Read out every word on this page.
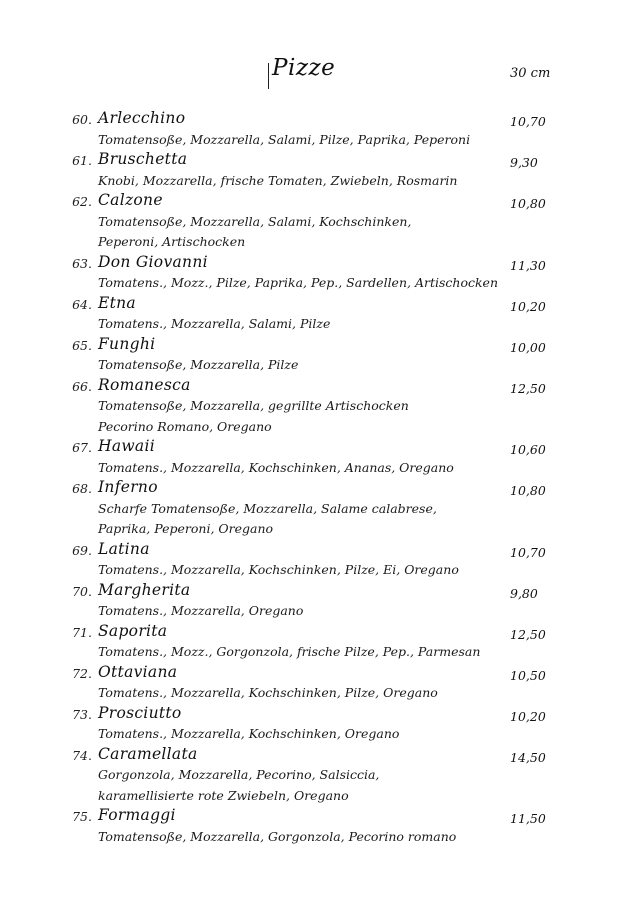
Pizze	30 cm
60. Arlecchino	10,70
Tomatensoße, Mozzarella, Salami, Pilze, Paprika, Peperoni
61. Bruschetta	9,30
Knobi, Mozzarella, frische Tomaten, Zwiebeln, Rosmarin
62. Calzone	10,80
Tomatensoße, Mozzarella, Salami, Kochschinken,
Peperoni, Artischocken
63. Don Giovanni	11,30
Tomatens., Mozz., Pilze, Paprika, Pep., Sardellen, Artischocken
64. Etna	10,20
Tomatens., Mozzarella, Salami, Pilze
65. Funghi	10,00
Tomatensoße, Mozzarella, Pilze
66. Romanesca	12,50
Tomatensoße, Mozzarella, gegrillte Artischocken
Pecorino Romano, Oregano
67. Hawaii	10,60
Tomatens., Mozzarella, Kochschinken, Ananas, Oregano
68. Inferno	10,80
Scharfe Tomatensoße, Mozzarella, Salame calabrese,
Paprika, Peperoni, Oregano
69. Latina	10,70
Tomatens., Mozzarella, Kochschinken, Pilze, Ei, Oregano
70. Margherita	9,80
Tomatens., Mozzarella, Oregano
71. Saporita	12,50
Tomatens., Mozz., Gorgonzola, frische Pilze, Pep., Parmesan
72. Ottaviana	10,50
Tomatens., Mozzarella, Kochschinken, Pilze, Oregano
73. Prosciutto	10,20
Tomatens., Mozzarella, Kochschinken, Oregano
74. Caramellata	14,50
Gorgonzola, Mozzarella, Pecorino, Salsiccia,
karamellisierte rote Zwiebeln, Oregano
75. Formaggi	11,50
Tomatensoße, Mozzarella, Gorgonzola, Pecorino romano
